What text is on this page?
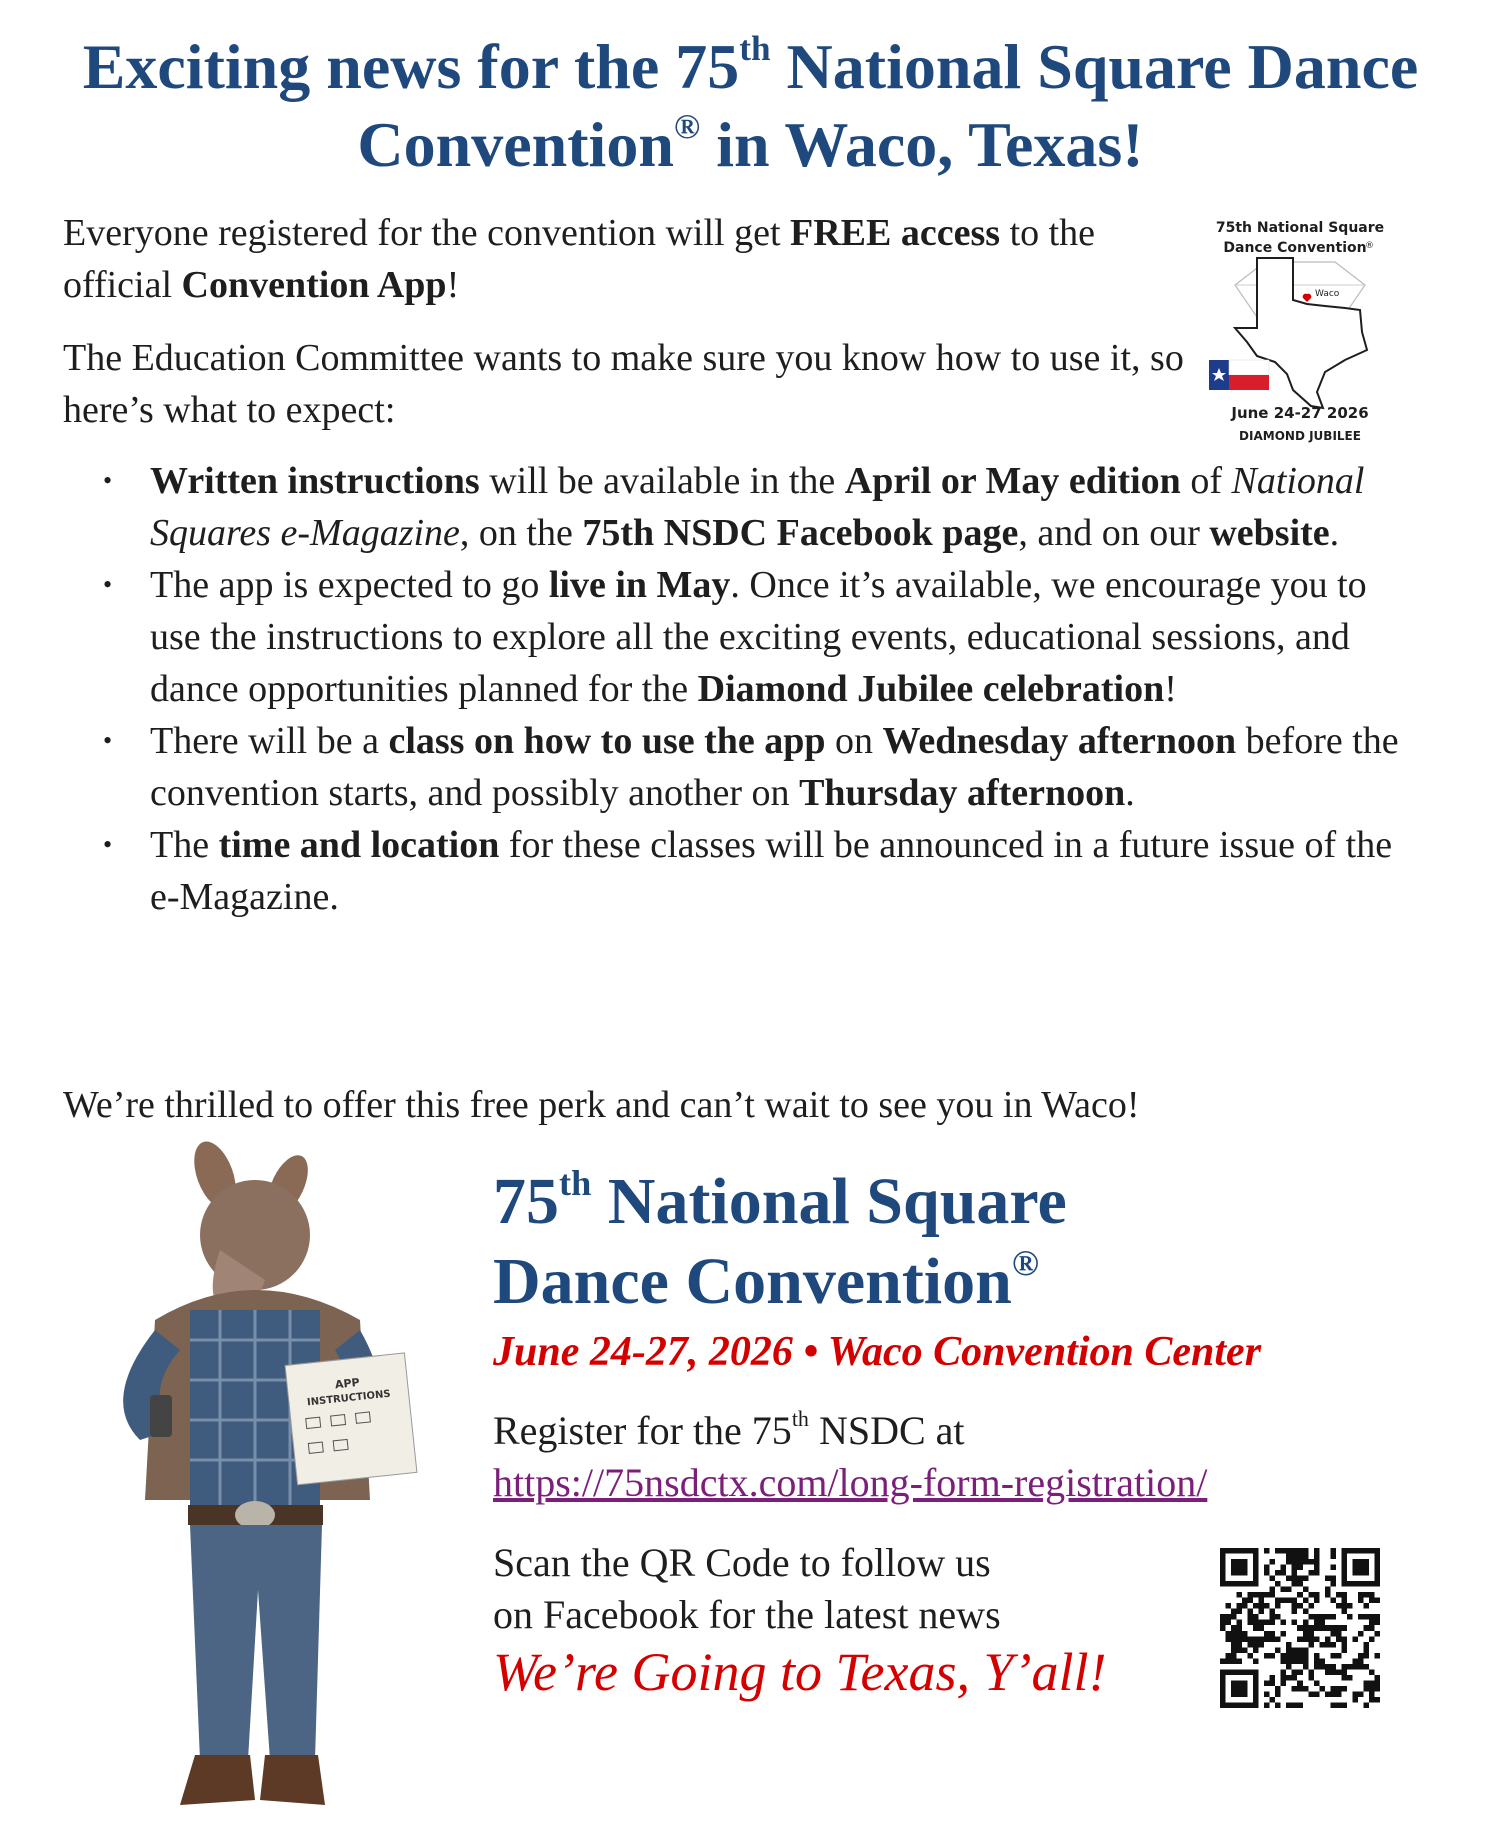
Exciting news for the 75th National Square Dance Convention® in Waco, Texas!

Everyone registered for the convention will get FREE access to the official Convention App!

The Education Committee wants to make sure you know how to use it, so here’s what to expect:

75th National Square
Dance Convention
®
Waco
June 24-27 2026
DIAMOND JUBILEE
• Written instructions will be available in the April or May edition of National Squares e-Magazine, on the 75th NSDC Facebook page, and on our website.
• The app is expected to go live in May. Once it’s available, we encourage you to use the instructions to explore all the exciting events, educational sessions, and dance opportunities planned for the Diamond Jubilee celebration!
• There will be a class on how to use the app on Wednesday afternoon before the convention starts, and possibly another on Thursday afternoon.
• The time and location for these classes will be announced in a future issue of the e-Magazine.

We’re thrilled to offer this free perk and can’t wait to see you in Waco!

APP
INSTRUCTIONS
75th National Square
Dance Convention®

June 24-27, 2026 • Waco Convention Center

Register for the 75th NSDC at
https://75nsdctx.com/long-form-registration/

Scan the QR Code to follow us
on Facebook for the latest news

We’re Going to Texas, Y’all!
